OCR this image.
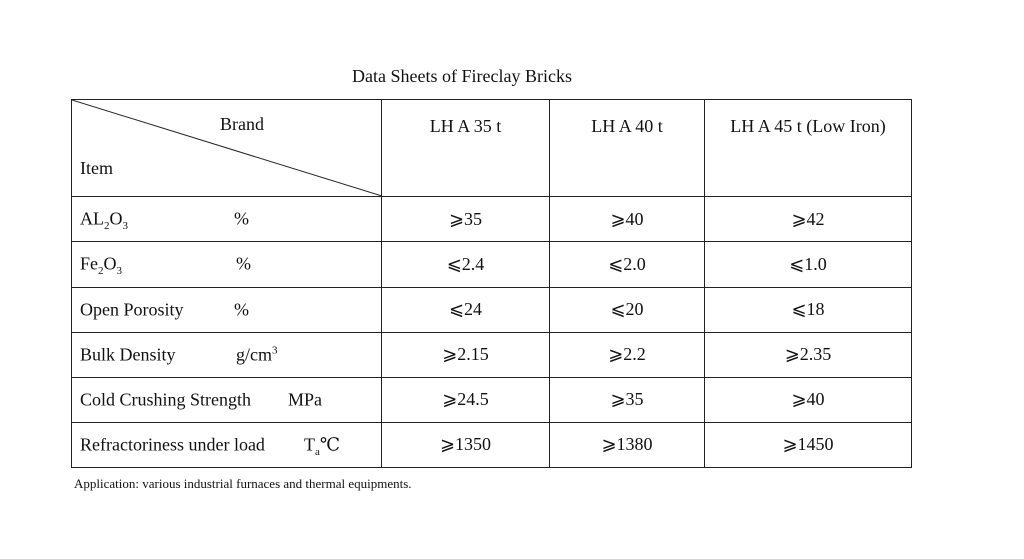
Data Sheets of Fireclay Bricks
Brand
Item	LH A 35 t	LH A 40 t	LH A 45 t (Low Iron)

$AL_2O_3$ %	⩾35	⩾40	⩾42

$Fe_2O_3$ %	⩽2.4	⩽2.0	⩽1.0

Open Porosity %	⩽24	⩽20	⩽18

Bulk Density $g/cm^3$	⩾2.15	⩾2.2	⩾2.35

Cold Crushing Strength MPa	⩾24.5	⩾35	⩾40

Refractoriness under load $T_a℃$	⩾1350	⩾1380	⩾1450
Application: various industrial furnaces and thermal equipments.
